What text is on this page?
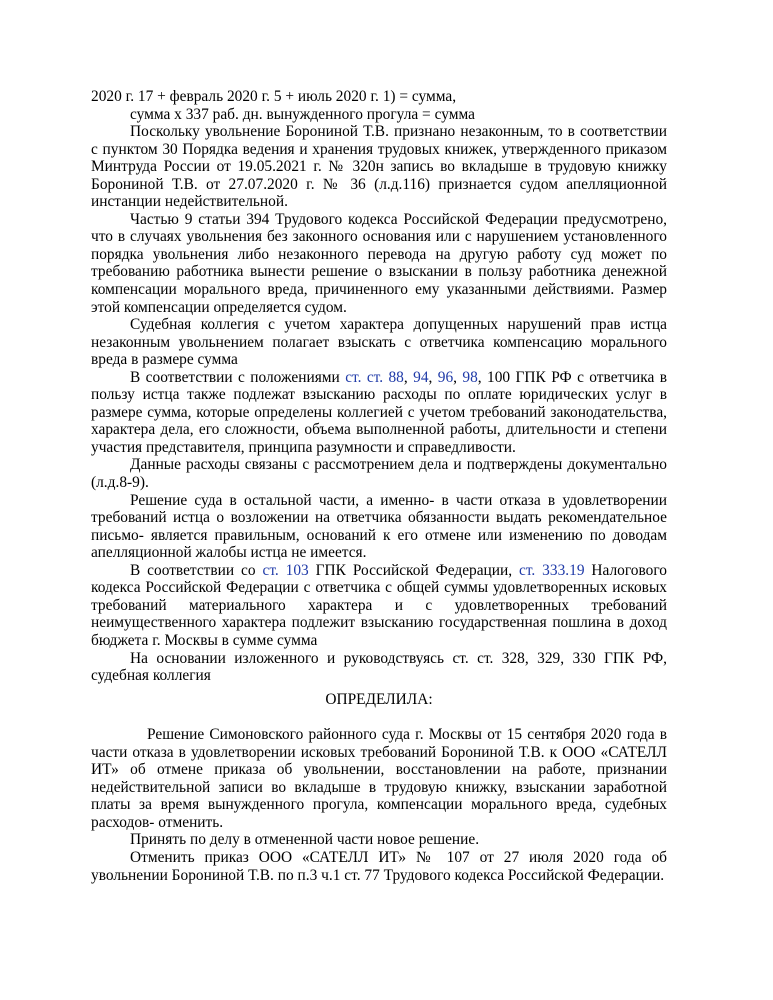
2020 г. 17 + февраль 2020 г. 5 + июль 2020 г. 1) = сумма,

сумма х 337 раб. дн. вынужденного прогула = сумма

Поскольку увольнение Борониной Т.В. признано незаконным, то в соответствии с пунктом 30 Порядка ведения и хранения трудовых книжек, утвержденного приказом Минтруда России от 19.05.2021 г. № 320н запись во вкладыше в трудовую книжку Борониной Т.В. от 27.07.2020 г. № 36 (л.д.116) признается судом апелляционной инстанции недействительной.

Частью 9 статьи 394 Трудового кодекса Российской Федерации предусмотрено, что в случаях увольнения без законного основания или с нарушением установленного порядка увольнения либо незаконного перевода на другую работу суд может по требованию работника вынести решение о взыскании в пользу работника денежной компенсации морального вреда, причиненного ему указанными действиями. Размер этой компенсации определяется судом.

Судебная коллегия с учетом характера допущенных нарушений прав истца незаконным увольнением полагает взыскать с ответчика компенсацию морального вреда в размере сумма

В соответствии с положениями ст. ст. 88, 94, 96, 98, 100 ГПК РФ с ответчика в пользу истца также подлежат взысканию расходы по оплате юридических услуг в размере сумма, которые определены коллегией с учетом требований законодательства, характера дела, его сложности, объема выполненной работы, длительности и степени участия представителя, принципа разумности и справедливости.

Данные расходы связаны с рассмотрением дела и подтверждены документально (л.д.8-9).

Решение суда в остальной части, а именно- в части отказа в удовлетворении требований истца о возложении на ответчика обязанности выдать рекомендательное письмо- является правильным, оснований к его отмене или изменению по доводам апелляционной жалобы истца не имеется.

В соответствии со ст. 103 ГПК Российской Федерации, ст. 333.19 Налогового кодекса Российской Федерации с ответчика с общей суммы удовлетворенных исковых требований материального характера и с удовлетворенных требований неимущественного характера подлежит взысканию государственная пошлина в доход бюджета г. Москвы в сумме сумма

На основании изложенного и руководствуясь ст. ст. 328, 329, 330 ГПК РФ, судебная коллегия

ОПРЕДЕЛИЛА:

Решение Симоновского районного суда г. Москвы от 15 сентября 2020 года в части отказа в удовлетворении исковых требований Борониной Т.В. к ООО «САТЕЛЛ ИТ» об отмене приказа об увольнении, восстановлении на работе, признании недействительной записи во вкладыше в трудовую книжку, взыскании заработной платы за время вынужденного прогула, компенсации морального вреда, судебных расходов- отменить.

Принять по делу в отмененной части новое решение.

Отменить приказ ООО «САТЕЛЛ ИТ» № 107 от 27 июля 2020 года об увольнении Борониной Т.В. по п.3 ч.1 ст. 77 Трудового кодекса Российской Федерации.
